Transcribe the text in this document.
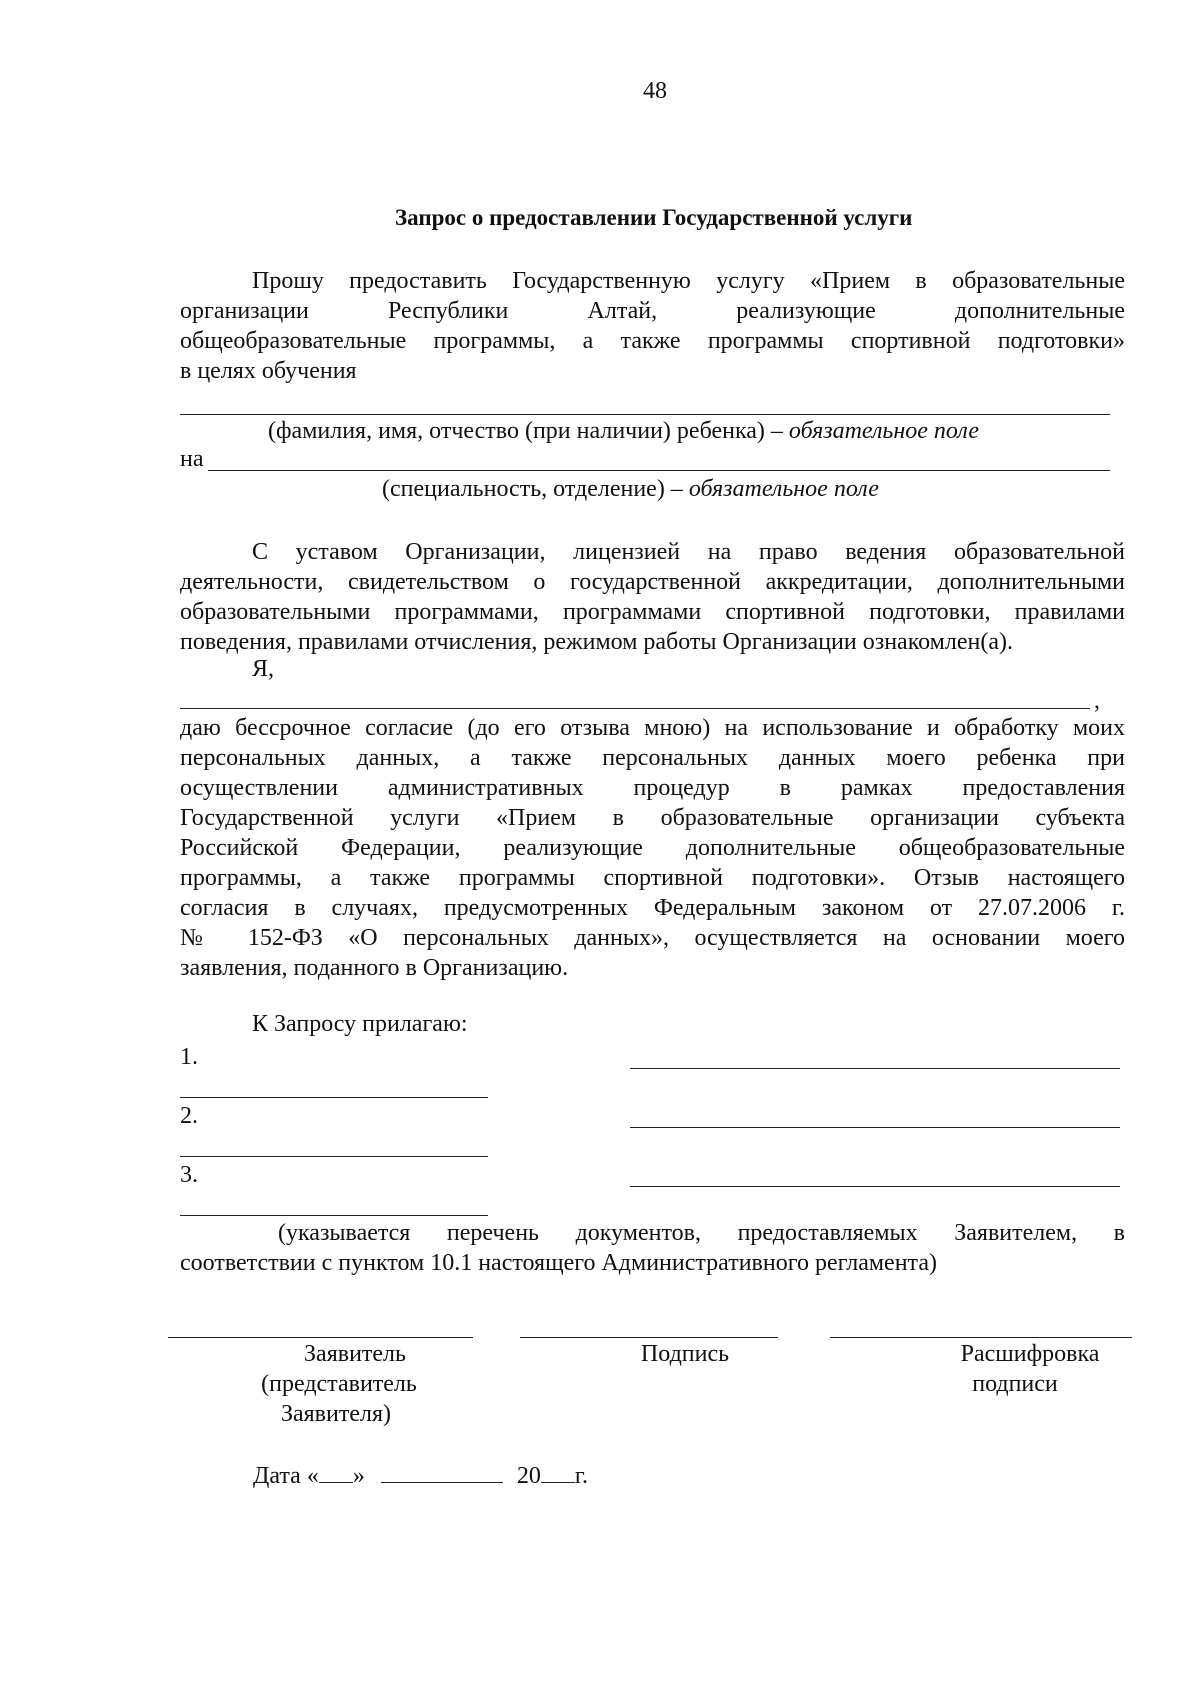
48
Запрос о предоставлении Государственной услуги
Прошу предоставить Государственную услугу «Прием в образовательные
организации Республики Алтай, реализующие дополнительные
общеобразовательные программы, а также программы спортивной подготовки»
в целях обучения
(фамилия, имя, отчество (при наличии) ребенка) – обязательное поле
на
(специальность, отделение) – обязательное поле
С уставом Организации, лицензией на право ведения образовательной
деятельности, свидетельством о государственной аккредитации, дополнительными
образовательными программами, программами спортивной подготовки, правилами
поведения, правилами отчисления, режимом работы Организации ознакомлен(а).
Я,
,
даю бессрочное согласие (до его отзыва мною) на использование и обработку моих
персональных данных, а также персональных данных моего ребенка при
осуществлении административных процедур в рамках предоставления
Государственной услуги «Прием в образовательные организации субъекта
Российской Федерации, реализующие дополнительные общеобразовательные
программы, а также программы спортивной подготовки». Отзыв настоящего
согласия в случаях, предусмотренных Федеральным законом от 27.07.2006 г.
№ 152-ФЗ «О персональных данных», осуществляется на основании моего
заявления, поданного в Организацию.
К Запросу прилагаю:
1.
2.
3.
(указывается перечень документов, предоставляемых Заявителем, в
соответствии с пунктом 10.1 настоящего Административного регламента)
Заявитель
(представитель
Заявителя)
Подпись	Расшифровка
подписи
Дата « »	20 г.
